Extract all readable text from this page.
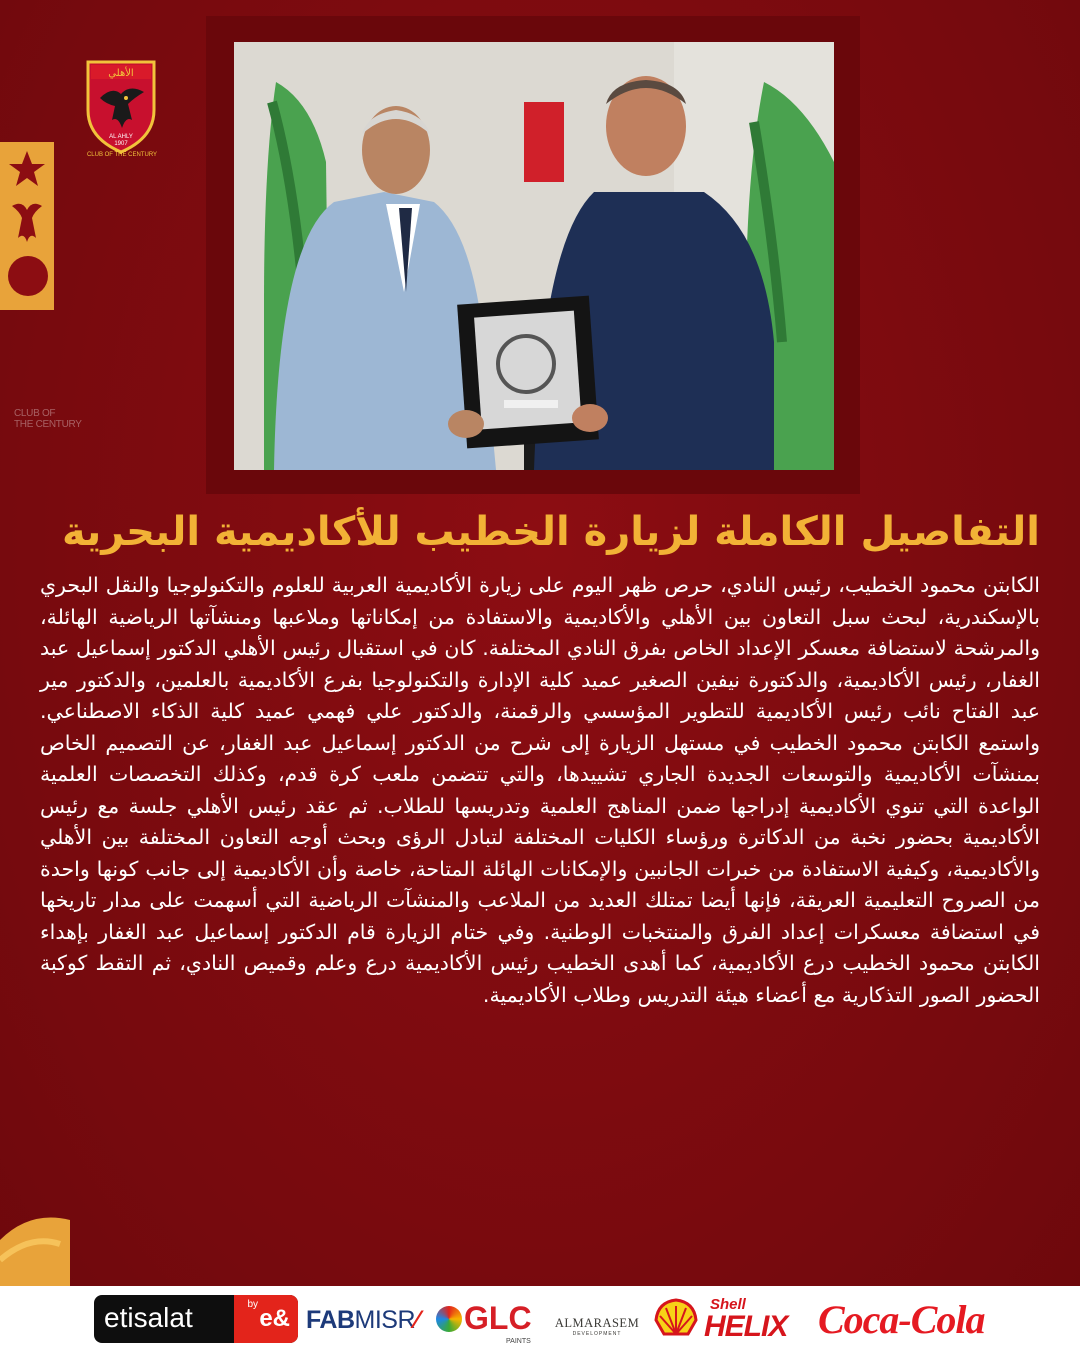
الأهلي
AL AHLY
1907
CLUB OF THE CENTURY
CLUB OF
THE CENTURY
التفاصيل الكاملة لزيارة الخطيب للأكاديمية البحرية

الكابتن محمود الخطيب، رئيس النادي، حرص ظهر اليوم على زيارة الأكاديمية العربية للعلوم والتكنولوجيا والنقل البحري بالإسكندرية، لبحث سبل التعاون بين الأهلي والأكاديمية والاستفادة من إمكاناتها وملاعبها ومنشآتها الرياضية الهائلة، والمرشحة لاستضافة معسكر الإعداد الخاص بفرق النادي المختلفة. كان في استقبال رئيس الأهلي الدكتور إسماعيل عبد الغفار، رئيس الأكاديمية، والدكتورة نيفين الصغير عميد كلية الإدارة والتكنولوجيا بفرع الأكاديمية بالعلمين، والدكتور مير عبد الفتاح نائب رئيس الأكاديمية للتطوير المؤسسي والرقمنة، والدكتور علي فهمي عميد كلية الذكاء الاصطناعي. واستمع الكابتن محمود الخطيب في مستهل الزيارة إلى شرح من الدكتور إسماعيل عبد الغفار، عن التصميم الخاص بمنشآت الأكاديمية والتوسعات الجديدة الجاري تشييدها، والتي تتضمن ملعب كرة قدم، وكذلك التخصصات العلمية الواعدة التي تنوي الأكاديمية إدراجها ضمن المناهج العلمية وتدريسها للطلاب. ثم عقد رئيس الأهلي جلسة مع رئيس الأكاديمية بحضور نخبة من الدكاترة ورؤساء الكليات المختلفة لتبادل الرؤى وبحث أوجه التعاون المختلفة بين الأهلي والأكاديمية، وكيفية الاستفادة من خبرات الجانبين والإمكانات الهائلة المتاحة، خاصة وأن الأكاديمية إلى جانب كونها واحدة من الصروح التعليمية العريقة، فإنها أيضا تمتلك العديد من الملاعب والمنشآت الرياضية التي أسهمت على مدار تاريخها في استضافة معسكرات إعداد الفرق والمنتخبات الوطنية. وفي ختام الزيارة قام الدكتور إسماعيل عبد الغفار بإهداء الكابتن محمود الخطيب درع الأكاديمية، كما أهدى الخطيب رئيس الأكاديمية درع وعلم وقميص النادي، ثم التقط كوكبة الحضور الصور التذكارية مع أعضاء هيئة التدريس وطلاب الأكاديمية.

etisalat	by
e& FABMISR⁄	GLC
PAINTS
ALMARASEM
DEVELOPMENT
Shell
HELIX Coca-Cola
